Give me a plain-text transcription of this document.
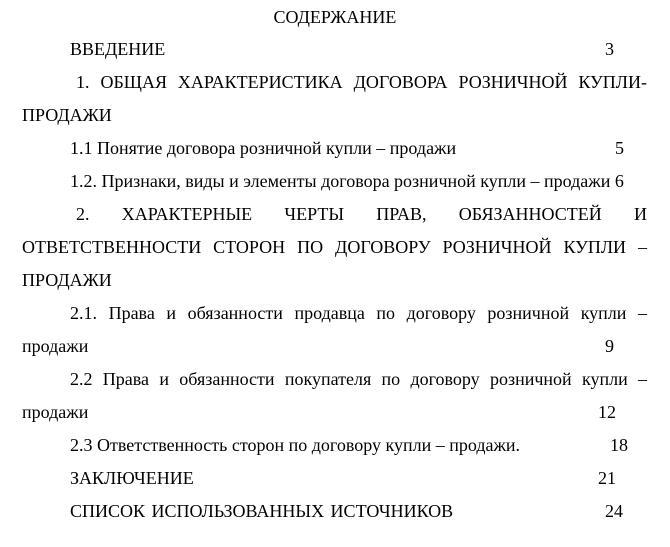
СОДЕРЖАНИЕ
ВВЕДЕНИЕ	3
1. ОБЩАЯ ХАРАКТЕРИСТИКА ДОГОВОРА РОЗНИЧНОЙ КУПЛИ-
ПРОДАЖИ
1.1 Понятие договора розничной купли – продажи	5
1.2. Признаки, виды и элементы договора розничной купли – продажи 6
2. ХАРАКТЕРНЫЕ ЧЕРТЫ ПРАВ, ОБЯЗАННОСТЕЙ И
ОТВЕТСТВЕННОСТИ СТОРОН ПО ДОГОВОРУ РОЗНИЧНОЙ КУПЛИ –
ПРОДАЖИ
2.1. Права и обязанности продавца по договору розничной купли –
продажи	9
2.2 Права и обязанности покупателя по договору розничной купли –
продажи	12
2.3 Ответственность сторон по договору купли – продажи.	18
ЗАКЛЮЧЕНИЕ	21
СПИСОК ИСПОЛЬЗОВАННЫХ ИСТОЧНИКОВ	24
